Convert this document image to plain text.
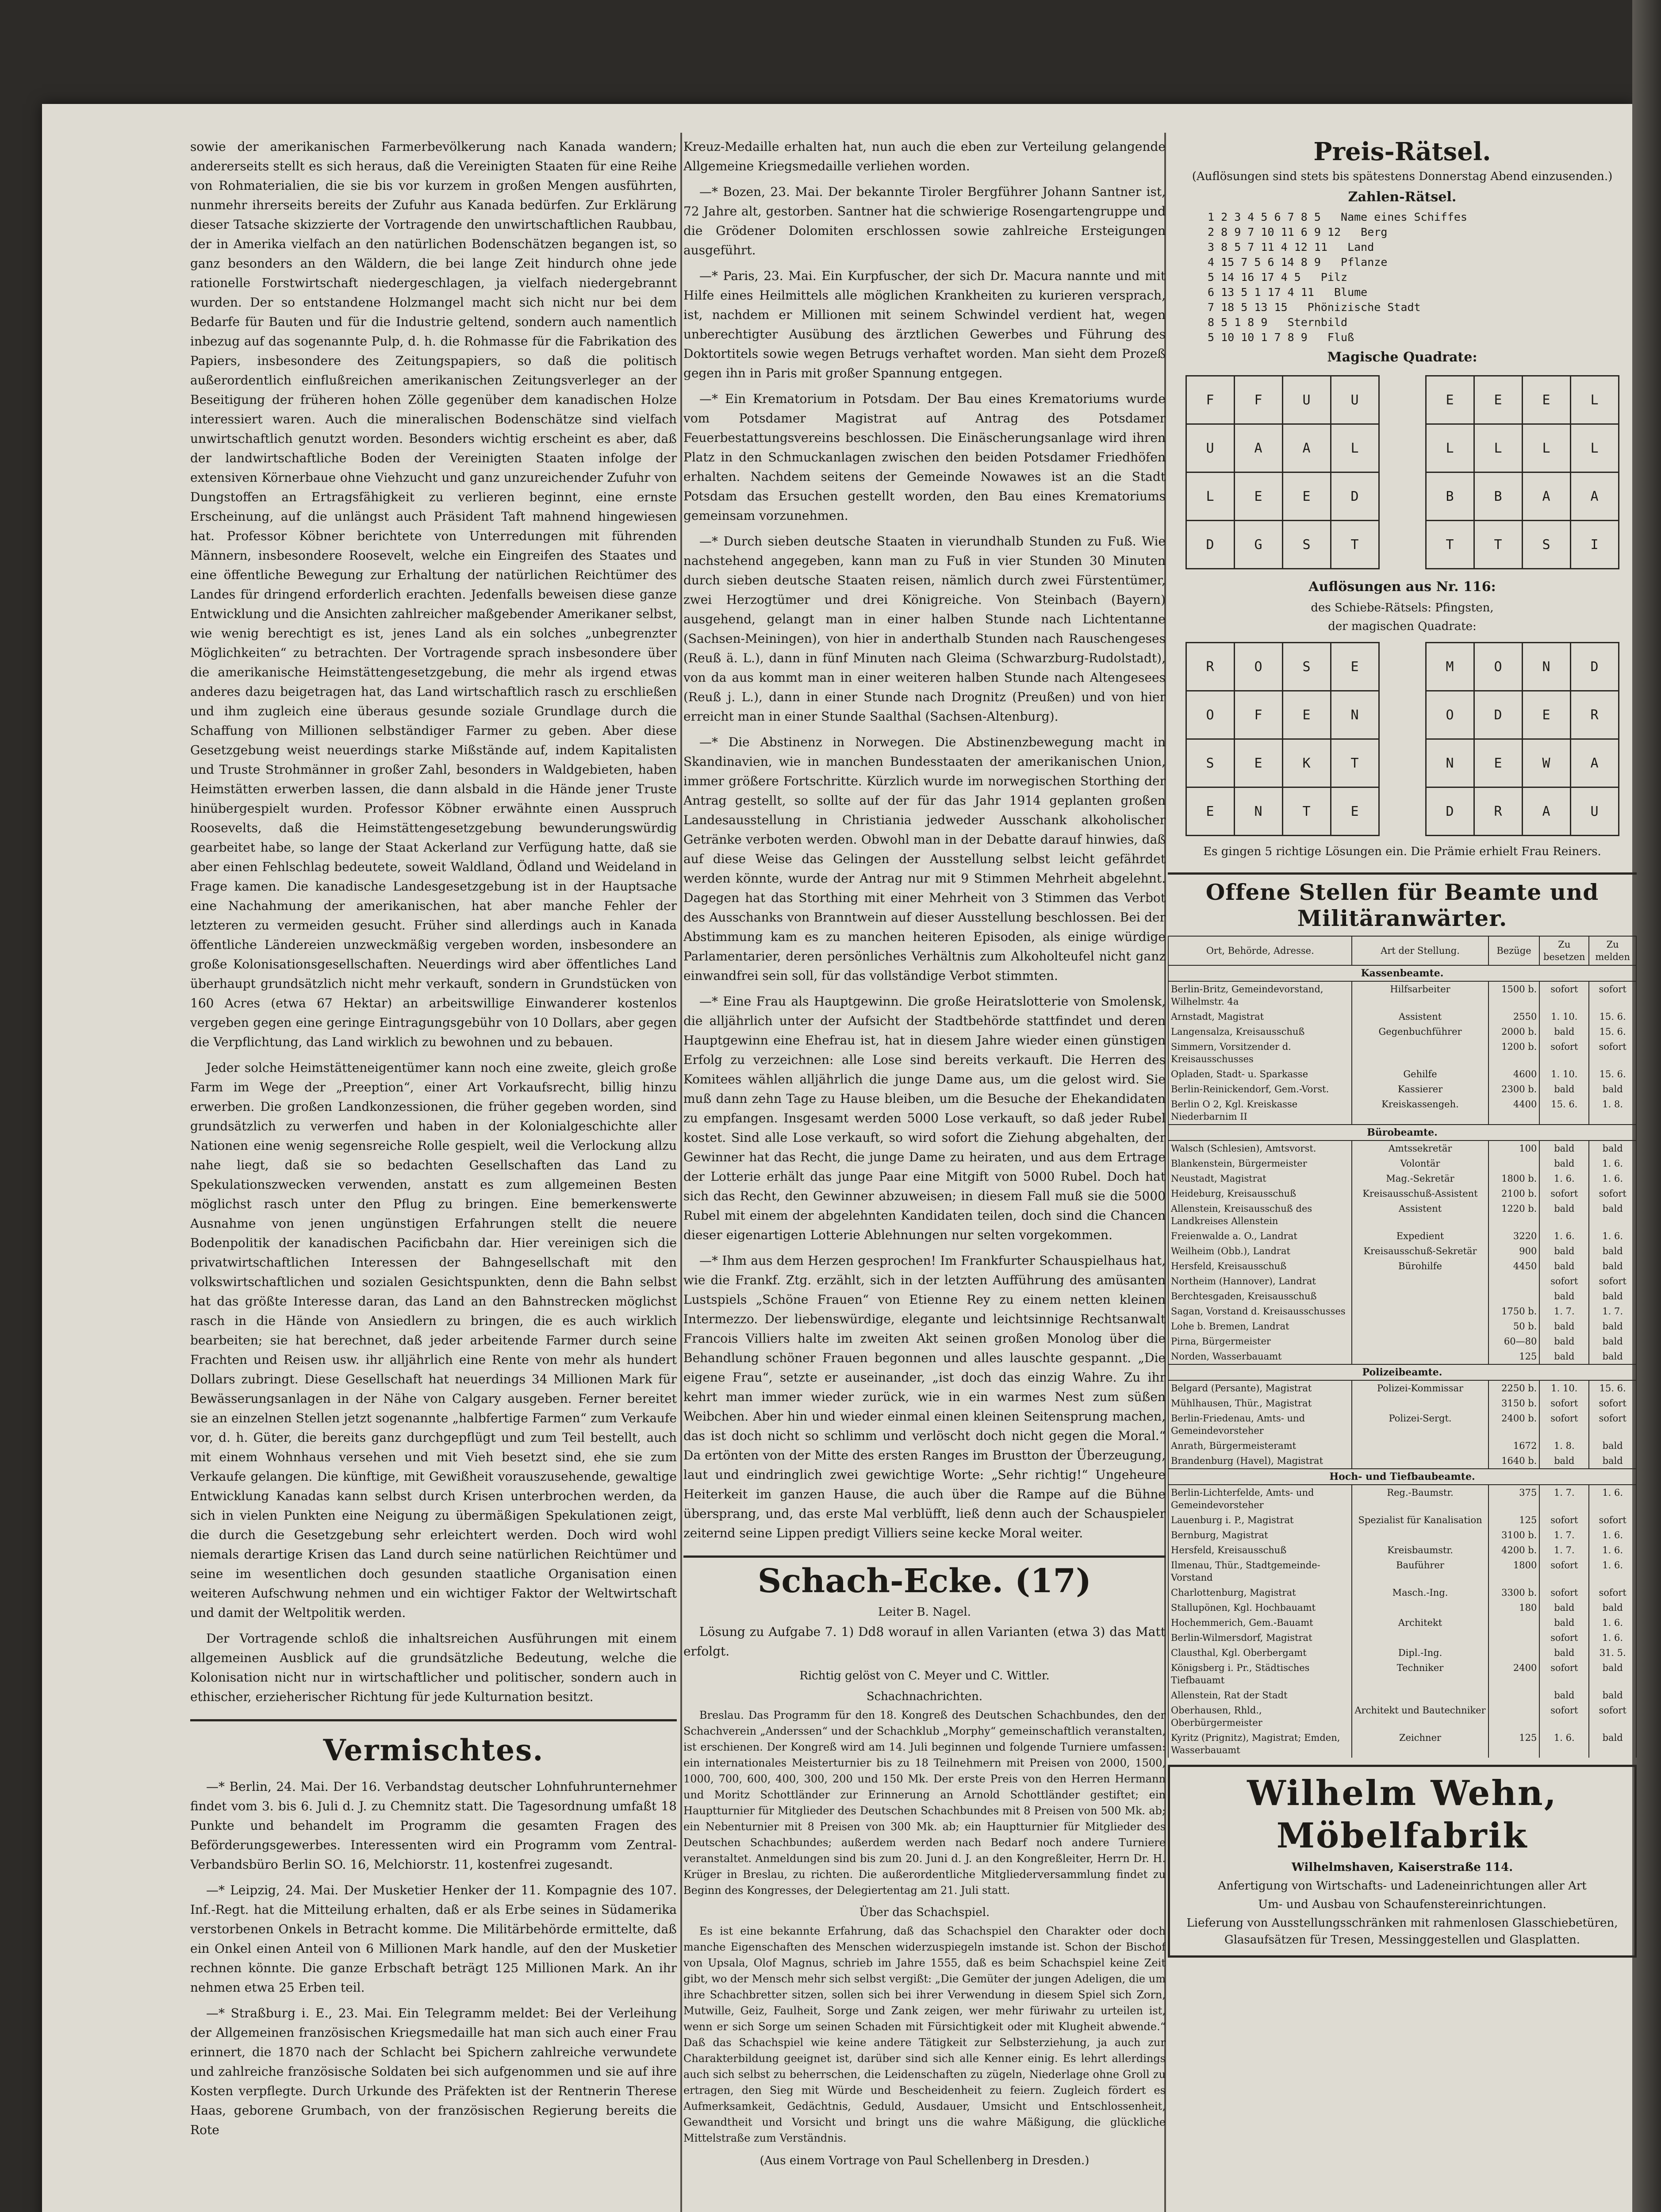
sowie der amerikanischen Farmerbevölkerung nach Kanada wandern; andererseits stellt es sich heraus, daß die Vereinigten Staaten für eine Reihe von Rohmaterialien, die sie bis vor kurzem in großen Mengen ausführten, nunmehr ihrerseits bereits der Zufuhr aus Kanada bedürfen. Zur Erklärung dieser Tatsache skizzierte der Vortragende den unwirtschaftlichen Raubbau, der in Amerika vielfach an den natürlichen Bodenschätzen begangen ist, so ganz besonders an den Wäldern, die bei lange Zeit hindurch ohne jede rationelle Forstwirtschaft niedergeschlagen, ja vielfach niedergebrannt wurden. Der so entstandene Holzmangel macht sich nicht nur bei dem Bedarfe für Bauten und für die Industrie geltend, sondern auch namentlich inbezug auf das sogenannte Pulp, d. h. die Rohmasse für die Fabrikation des Papiers, insbesondere des Zeitungspapiers, so daß die politisch außerordentlich einflußreichen amerikanischen Zeitungsverleger an der Beseitigung der früheren hohen Zölle gegenüber dem kanadischen Holze interessiert waren. Auch die mineralischen Bodenschätze sind vielfach unwirtschaftlich genutzt worden. Besonders wichtig erscheint es aber, daß der landwirtschaftliche Boden der Vereinigten Staaten infolge der extensiven Körnerbaue ohne Viehzucht und ganz unzureichender Zufuhr von Dungstoffen an Ertragsfähigkeit zu verlieren beginnt, eine ernste Erscheinung, auf die unlängst auch Präsident Taft mahnend hingewiesen hat. Professor Köbner berichtete von Unterredungen mit führenden Männern, insbesondere Roosevelt, welche ein Eingreifen des Staates und eine öffentliche Bewegung zur Erhaltung der natürlichen Reichtümer des Landes für dringend erforderlich erachten. Jedenfalls beweisen diese ganze Entwicklung und die Ansichten zahlreicher maßgebender Amerikaner selbst, wie wenig berechtigt es ist, jenes Land als ein solches „unbegrenzter Möglichkeiten“ zu betrachten. Der Vortragende sprach insbesondere über die amerikanische Heimstättengesetzgebung, die mehr als irgend etwas anderes dazu beigetragen hat, das Land wirtschaftlich rasch zu erschließen und ihm zugleich eine überaus gesunde soziale Grundlage durch die Schaffung von Millionen selbständiger Farmer zu geben. Aber diese Gesetzgebung weist neuerdings starke Mißstände auf, indem Kapitalisten und Truste Strohmänner in großer Zahl, besonders in Waldgebieten, haben Heimstätten erwerben lassen, die dann alsbald in die Hände jener Truste hinübergespielt wurden. Professor Köbner erwähnte einen Ausspruch Roosevelts, daß die Heimstättengesetzgebung bewunderungswürdig gearbeitet habe, so lange der Staat Ackerland zur Verfügung hatte, daß sie aber einen Fehlschlag bedeutete, soweit Waldland, Ödland und Weideland in Frage kamen. Die kanadische Landesgesetzgebung ist in der Hauptsache eine Nachahmung der amerikanischen, hat aber manche Fehler der letzteren zu vermeiden gesucht. Früher sind allerdings auch in Kanada öffentliche Ländereien unzweckmäßig vergeben worden, insbesondere an große Kolonisationsgesellschaften. Neuerdings wird aber öffentliches Land überhaupt grundsätzlich nicht mehr verkauft, sondern in Grundstücken von 160 Acres (etwa 67 Hektar) an arbeitswillige Einwanderer kostenlos vergeben gegen eine geringe Eintragungsgebühr von 10 Dollars, aber gegen die Verpflichtung, das Land wirklich zu bewohnen und zu bebauen.

Jeder solche Heimstätteneigentümer kann noch eine zweite, gleich große Farm im Wege der „Preeption“, einer Art Vorkaufsrecht, billig hinzu erwerben. Die großen Landkonzessionen, die früher gegeben worden, sind grundsätzlich zu verwerfen und haben in der Kolonialgeschichte aller Nationen eine wenig segensreiche Rolle gespielt, weil die Verlockung allzu nahe liegt, daß sie so bedachten Gesellschaften das Land zu Spekulationszwecken verwenden, anstatt es zum allgemeinen Besten möglichst rasch unter den Pflug zu bringen. Eine bemerkenswerte Ausnahme von jenen ungünstigen Erfahrungen stellt die neuere Bodenpolitik der kanadischen Pacificbahn dar. Hier vereinigen sich die privatwirtschaftlichen Interessen der Bahngesellschaft mit den volkswirtschaftlichen und sozialen Gesichtspunkten, denn die Bahn selbst hat das größte Interesse daran, das Land an den Bahnstrecken möglichst rasch in die Hände von Ansiedlern zu bringen, die es auch wirklich bearbeiten; sie hat berechnet, daß jeder arbeitende Farmer durch seine Frachten und Reisen usw. ihr alljährlich eine Rente von mehr als hundert Dollars zubringt. Diese Gesellschaft hat neuerdings 34 Millionen Mark für Bewässerungsanlagen in der Nähe von Calgary ausgeben. Ferner bereitet sie an einzelnen Stellen jetzt sogenannte „halbfertige Farmen“ zum Verkaufe vor, d. h. Güter, die bereits ganz durchgepflügt und zum Teil bestellt, auch mit einem Wohnhaus versehen und mit Vieh besetzt sind, ehe sie zum Verkaufe gelangen. Die künftige, mit Gewißheit vorauszusehende, gewaltige Entwicklung Kanadas kann selbst durch Krisen unterbrochen werden, da sich in vielen Punkten eine Neigung zu übermäßigen Spekulationen zeigt, die durch die Gesetzgebung sehr erleichtert werden. Doch wird wohl niemals derartige Krisen das Land durch seine natürlichen Reichtümer und seine im wesentlichen doch gesunden staatliche Organisation einen weiteren Aufschwung nehmen und ein wichtiger Faktor der Weltwirtschaft und damit der Weltpolitik werden.

Der Vortragende schloß die inhaltsreichen Ausführungen mit einem allgemeinen Ausblick auf die grundsätzliche Bedeutung, welche die Kolonisation nicht nur in wirtschaftlicher und politischer, sondern auch in ethischer, erzieherischer Richtung für jede Kulturnation besitzt.

Vermischtes.

—* Berlin, 24. Mai. Der 16. Verbandstag deutscher Lohnfuhrunternehmer findet vom 3. bis 6. Juli d. J. zu Chemnitz statt. Die Tagesordnung umfaßt 18 Punkte und behandelt im Programm die gesamten Fragen des Beförderungsgewerbes. Interessenten wird ein Programm vom Zentral-Verbandsbüro Berlin SO. 16, Melchiorstr. 11, kostenfrei zugesandt.

—* Leipzig, 24. Mai. Der Musketier Henker der 11. Kompagnie des 107. Inf.-Regt. hat die Mitteilung erhalten, daß er als Erbe seines in Südamerika verstorbenen Onkels in Betracht komme. Die Militärbehörde ermittelte, daß ein Onkel einen Anteil von 6 Millionen Mark handle, auf den der Musketier rechnen könnte. Die ganze Erbschaft beträgt 125 Millionen Mark. An ihr nehmen etwa 25 Erben teil.

—* Straßburg i. E., 23. Mai. Ein Telegramm meldet: Bei der Verleihung der Allgemeinen französischen Kriegsmedaille hat man sich auch einer Frau erinnert, die 1870 nach der Schlacht bei Spichern zahlreiche verwundete und zahlreiche französische Soldaten bei sich aufgenommen und sie auf ihre Kosten verpflegte. Durch Urkunde des Präfekten ist der Rentnerin Therese Haas, geborene Grumbach, von der französischen Regierung bereits die Rote

Kreuz-Medaille erhalten hat, nun auch die eben zur Verteilung gelangende Allgemeine Kriegsmedaille verliehen worden.

—* Bozen, 23. Mai. Der bekannte Tiroler Bergführer Johann Santner ist, 72 Jahre alt, gestorben. Santner hat die schwierige Rosengartengruppe und die Grödener Dolomiten erschlossen sowie zahlreiche Ersteigungen ausgeführt.

—* Paris, 23. Mai. Ein Kurpfuscher, der sich Dr. Macura nannte und mit Hilfe eines Heilmittels alle möglichen Krankheiten zu kurieren versprach, ist, nachdem er Millionen mit seinem Schwindel verdient hat, wegen unberechtigter Ausübung des ärztlichen Gewerbes und Führung des Doktortitels sowie wegen Betrugs verhaftet worden. Man sieht dem Prozeß gegen ihn in Paris mit großer Spannung entgegen.

—* Ein Krematorium in Potsdam. Der Bau eines Krematoriums wurde vom Potsdamer Magistrat auf Antrag des Potsdamer Feuerbestattungsvereins beschlossen. Die Einäscherungsanlage wird ihren Platz in den Schmuckanlagen zwischen den beiden Potsdamer Friedhöfen erhalten. Nachdem seitens der Gemeinde Nowawes ist an die Stadt Potsdam das Ersuchen gestellt worden, den Bau eines Krematoriums gemeinsam vorzunehmen.

—* Durch sieben deutsche Staaten in vierundhalb Stunden zu Fuß. Wie nachstehend angegeben, kann man zu Fuß in vier Stunden 30 Minuten durch sieben deutsche Staaten reisen, nämlich durch zwei Fürstentümer, zwei Herzogtümer und drei Königreiche. Von Steinbach (Bayern) ausgehend, gelangt man in einer halben Stunde nach Lichtentanne (Sachsen-Meiningen), von hier in anderthalb Stunden nach Rauschengeses (Reuß ä. L.), dann in fünf Minuten nach Gleima (Schwarzburg-Rudolstadt), von da aus kommt man in einer weiteren halben Stunde nach Altengesees (Reuß j. L.), dann in einer Stunde nach Drognitz (Preußen) und von hier erreicht man in einer Stunde Saalthal (Sachsen-Altenburg).

—* Die Abstinenz in Norwegen. Die Abstinenzbewegung macht in Skandinavien, wie in manchen Bundesstaaten der amerikanischen Union, immer größere Fortschritte. Kürzlich wurde im norwegischen Storthing der Antrag gestellt, so sollte auf der für das Jahr 1914 geplanten großen Landesausstellung in Christiania jedweder Ausschank alkoholischer Getränke verboten werden. Obwohl man in der Debatte darauf hinwies, daß auf diese Weise das Gelingen der Ausstellung selbst leicht gefährdet werden könnte, wurde der Antrag nur mit 9 Stimmen Mehrheit abgelehnt. Dagegen hat das Storthing mit einer Mehrheit von 3 Stimmen das Verbot des Ausschanks von Branntwein auf dieser Ausstellung beschlossen. Bei der Abstimmung kam es zu manchen heiteren Episoden, als einige würdige Parlamentarier, deren persönliches Verhältnis zum Alkoholteufel nicht ganz einwandfrei sein soll, für das vollständige Verbot stimmten.

—* Eine Frau als Hauptgewinn. Die große Heiratslotterie von Smolensk, die alljährlich unter der Aufsicht der Stadtbehörde stattfindet und deren Hauptgewinn eine Ehefrau ist, hat in diesem Jahre wieder einen günstigen Erfolg zu verzeichnen: alle Lose sind bereits verkauft. Die Herren des Komitees wählen alljährlich die junge Dame aus, um die gelost wird. Sie muß dann zehn Tage zu Hause bleiben, um die Besuche der Ehekandidaten zu empfangen. Insgesamt werden 5000 Lose verkauft, so daß jeder Rubel kostet. Sind alle Lose verkauft, so wird sofort die Ziehung abgehalten, der Gewinner hat das Recht, die junge Dame zu heiraten, und aus dem Ertrage der Lotterie erhält das junge Paar eine Mitgift von 5000 Rubel. Doch hat sich das Recht, den Gewinner abzuweisen; in diesem Fall muß sie die 5000 Rubel mit einem der abgelehnten Kandidaten teilen, doch sind die Chancen dieser eigenartigen Lotterie Ablehnungen nur selten vorgekommen.

—* Ihm aus dem Herzen gesprochen! Im Frankfurter Schauspielhaus hat, wie die Frankf. Ztg. erzählt, sich in der letzten Aufführung des amüsanten Lustspiels „Schöne Frauen“ von Etienne Rey zu einem netten kleinen Intermezzo. Der liebenswürdige, elegante und leichtsinnige Rechtsanwalt Francois Villiers halte im zweiten Akt seinen großen Monolog über die Behandlung schöner Frauen begonnen und alles lauschte gespannt. „Die eigene Frau“, setzte er auseinander, „ist doch das einzig Wahre. Zu ihr kehrt man immer wieder zurück, wie in ein warmes Nest zum süßen Weibchen. Aber hin und wieder einmal einen kleinen Seitensprung machen, das ist doch nicht so schlimm und verlöscht doch nicht gegen die Moral.“ Da ertönten von der Mitte des ersten Ranges im Brustton der Überzeugung, laut und eindringlich zwei gewichtige Worte: „Sehr richtig!“ Ungeheure Heiterkeit im ganzen Hause, die auch über die Rampe auf die Bühne übersprang, und, das erste Mal verblüfft, ließ denn auch der Schauspieler zeiternd seine Lippen predigt Villiers seine kecke Moral weiter.

Schach-Ecke. (17)
Leiter B. Nagel.

Lösung zu Aufgabe 7. 1) Dd8 worauf in allen Varianten (etwa 3) das Matt erfolgt.

Richtig gelöst von C. Meyer und C. Wittler.
Schachnachrichten.

Breslau. Das Programm für den 18. Kongreß des Deutschen Schachbundes, den der Schachverein „Anderssen“ und der Schachklub „Morphy“ gemeinschaftlich veranstalten, ist erschienen. Der Kongreß wird am 14. Juli beginnen und folgende Turniere umfassen: ein internationales Meisterturnier bis zu 18 Teilnehmern mit Preisen von 2000, 1500, 1000, 700, 600, 400, 300, 200 und 150 Mk. Der erste Preis von den Herren Hermann und Moritz Schottländer zur Erinnerung an Arnold Schottländer gestiftet; ein Hauptturnier für Mitglieder des Deutschen Schachbundes mit 8 Preisen von 500 Mk. ab; ein Nebenturnier mit 8 Preisen von 300 Mk. ab; ein Hauptturnier für Mitglieder des Deutschen Schachbundes; außerdem werden nach Bedarf noch andere Turniere veranstaltet. Anmeldungen sind bis zum 20. Juni d. J. an den Kongreßleiter, Herrn Dr. H. Krüger in Breslau, zu richten. Die außerordentliche Mitgliederversammlung findet zu Beginn des Kongresses, der Delegiertentag am 21. Juli statt.

Über das Schachspiel.

Es ist eine bekannte Erfahrung, daß das Schachspiel den Charakter oder doch manche Eigenschaften des Menschen widerzuspiegeln imstande ist. Schon der Bischof von Upsala, Olof Magnus, schrieb im Jahre 1555, daß es beim Schachspiel keine Zeit gibt, wo der Mensch mehr sich selbst vergißt: „Die Gemüter der jungen Adeligen, die um ihre Schachbretter sitzen, sollen sich bei ihrer Verwendung in diesem Spiel sich Zorn, Mutwille, Geiz, Faulheit, Sorge und Zank zeigen, wer mehr füriwahr zu urteilen ist, wenn er sich Sorge um seinen Schaden mit Fürsichtigkeit oder mit Klugheit abwende.“ Daß das Schachspiel wie keine andere Tätigkeit zur Selbsterziehung, ja auch zur Charakterbildung geeignet ist, darüber sind sich alle Kenner einig. Es lehrt allerdings auch sich selbst zu beherrschen, die Leidenschaften zu zügeln, Niederlage ohne Groll zu ertragen, den Sieg mit Würde und Bescheidenheit zu feiern. Zugleich fördert es Aufmerksamkeit, Gedächtnis, Geduld, Ausdauer, Umsicht und Entschlossenheit, Gewandtheit und Vorsicht und bringt uns die wahre Mäßigung, die glückliche Mittelstraße zum Verständnis.

(Aus einem Vortrage von Paul Schellenberg in Dresden.)
Preis-Rätsel.
(Auflösungen sind stets bis spätestens Donnerstag Abend einzusenden.)
Zahlen-Rätsel.

1 2 3 4 5 6 7 8 5   Name eines Schiffes

2 8 9 7 10 11 6 9 12   Berg

3 8 5 7 11 4 12 11   Land

4 15 7 5 6 14 8 9   Pflanze

5 14 16 17 4 5   Pilz

6 13 5 1 17 4 11   Blume

7 18 5 13 15   Phönizische Stadt

8 5 1 8 9   Sternbild

5 10 10 1 7 8 9   Fluß

Magische Quadrate:
F	F	U	U
U	A	A	L
L	E	E	D
D	G	S	T
E	E	E	L
L	L	L	L
B	B	A	A
T	T	S	I
Auflösungen aus Nr. 116:
des Schiebe-Rätsels: Pfingsten,
der magischen Quadrate:
R	O	S	E
O	F	E	N
S	E	K	T
E	N	T	E
M	O	N	D
O	D	E	R
N	E	W	A
D	R	A	U
Es gingen 5 richtige Lösungen ein. Die Prämie erhielt Frau Reiners.
Offene Stellen für Beamte und Militäranwärter.
Ort, Behörde, Adresse.	Art der Stellung.	Bezüge	Zu besetzen	Zu melden
Kassenbeamte.				
Berlin-Britz, Gemeindevorstand, Wilhelmstr. 4a	Hilfsarbeiter	1500 b.	sofort	sofort
Arnstadt, Magistrat	Assistent	2550	1. 10.	15. 6.
Langensalza, Kreisausschuß	Gegenbuchführer	2000 b.	bald	15. 6.
Simmern, Vorsitzender d. Kreisausschusses		1200 b.	sofort	sofort
Opladen, Stadt- u. Sparkasse	Gehilfe	4600	1. 10.	15. 6.
Berlin-Reinickendorf, Gem.-Vorst.	Kassierer	2300 b.	bald	bald
Berlin O 2, Kgl. Kreiskasse Niederbarnim II	Kreiskassengeh.	4400	15. 6.	1. 8.
Bürobeamte.				
Walsch (Schlesien), Amtsvorst.	Amtssekretär	100	bald	bald
Blankenstein, Bürgermeister	Volontär		bald	1. 6.
Neustadt, Magistrat	Mag.-Sekretär	1800 b.	1. 6.	1. 6.
Heideburg, Kreisausschuß	Kreisausschuß-Assistent	2100 b.	sofort	sofort
Allenstein, Kreisausschuß des Landkreises Allenstein	Assistent	1220 b.	bald	bald
Freienwalde a. O., Landrat	Expedient	3220	1. 6.	1. 6.
Weilheim (Obb.), Landrat	Kreisausschuß-Sekretär	900	bald	bald
Hersfeld, Kreisausschuß	Bürohilfe	4450	bald	bald
Northeim (Hannover), Landrat			sofort	sofort
Berchtesgaden, Kreisausschuß			bald	bald
Sagan, Vorstand d. Kreisausschusses		1750 b.	1. 7.	1. 7.
Lohe b. Bremen, Landrat		50 b.	bald	bald
Pirna, Bürgermeister		60—80	bald	bald
Norden, Wasserbauamt		125	bald	bald
Polizeibeamte.				
Belgard (Persante), Magistrat	Polizei-Kommissar	2250 b.	1. 10.	15. 6.
Mühlhausen, Thür., Magistrat		3150 b.	sofort	sofort
Berlin-Friedenau, Amts- und Gemeindevorsteher	Polizei-Sergt.	2400 b.	sofort	sofort
Anrath, Bürgermeisteramt		1672	1. 8.	bald
Brandenburg (Havel), Magistrat		1640 b.	bald	bald
Hoch- und Tiefbaubeamte.				
Berlin-Lichterfelde, Amts- und Gemeindevorsteher	Reg.-Baumstr.	375	1. 7.	1. 6.
Lauenburg i. P., Magistrat	Spezialist für Kanalisation	125	sofort	sofort
Bernburg, Magistrat		3100 b.	1. 7.	1. 6.
Hersfeld, Kreisausschuß	Kreisbaumstr.	4200 b.	1. 7.	1. 6.
Ilmenau, Thür., Stadtgemeinde-Vorstand	Bauführer	1800	sofort	1. 6.
Charlottenburg, Magistrat	Masch.-Ing.	3300 b.	sofort	sofort
Stallupönen, Kgl. Hochbauamt		180	bald	bald
Hochemmerich, Gem.-Bauamt	Architekt		bald	1. 6.
Berlin-Wilmersdorf, Magistrat			sofort	1. 6.
Clausthal, Kgl. Oberbergamt	Dipl.-Ing.		bald	31. 5.
Königsberg i. Pr., Städtisches Tiefbauamt	Techniker	2400	sofort	bald
Allenstein, Rat der Stadt			bald	bald
Oberhausen, Rhld., Oberbürgermeister	Architekt und Bautechniker		sofort	sofort
Kyritz (Prignitz), Magistrat; Emden, Wasserbauamt	Zeichner	125	1. 6.	bald
Wilhelm Wehn, Möbelfabrik
Wilhelmshaven, Kaiserstraße 114.
Anfertigung von Wirtschafts- und Ladeneinrichtungen aller Art
Um- und Ausbau von Schaufenstereinrichtungen.
Lieferung von Ausstellungsschränken mit rahmenlosen Glasschiebetüren, Glasaufsätzen für Tresen, Messinggestellen und Glasplatten.
